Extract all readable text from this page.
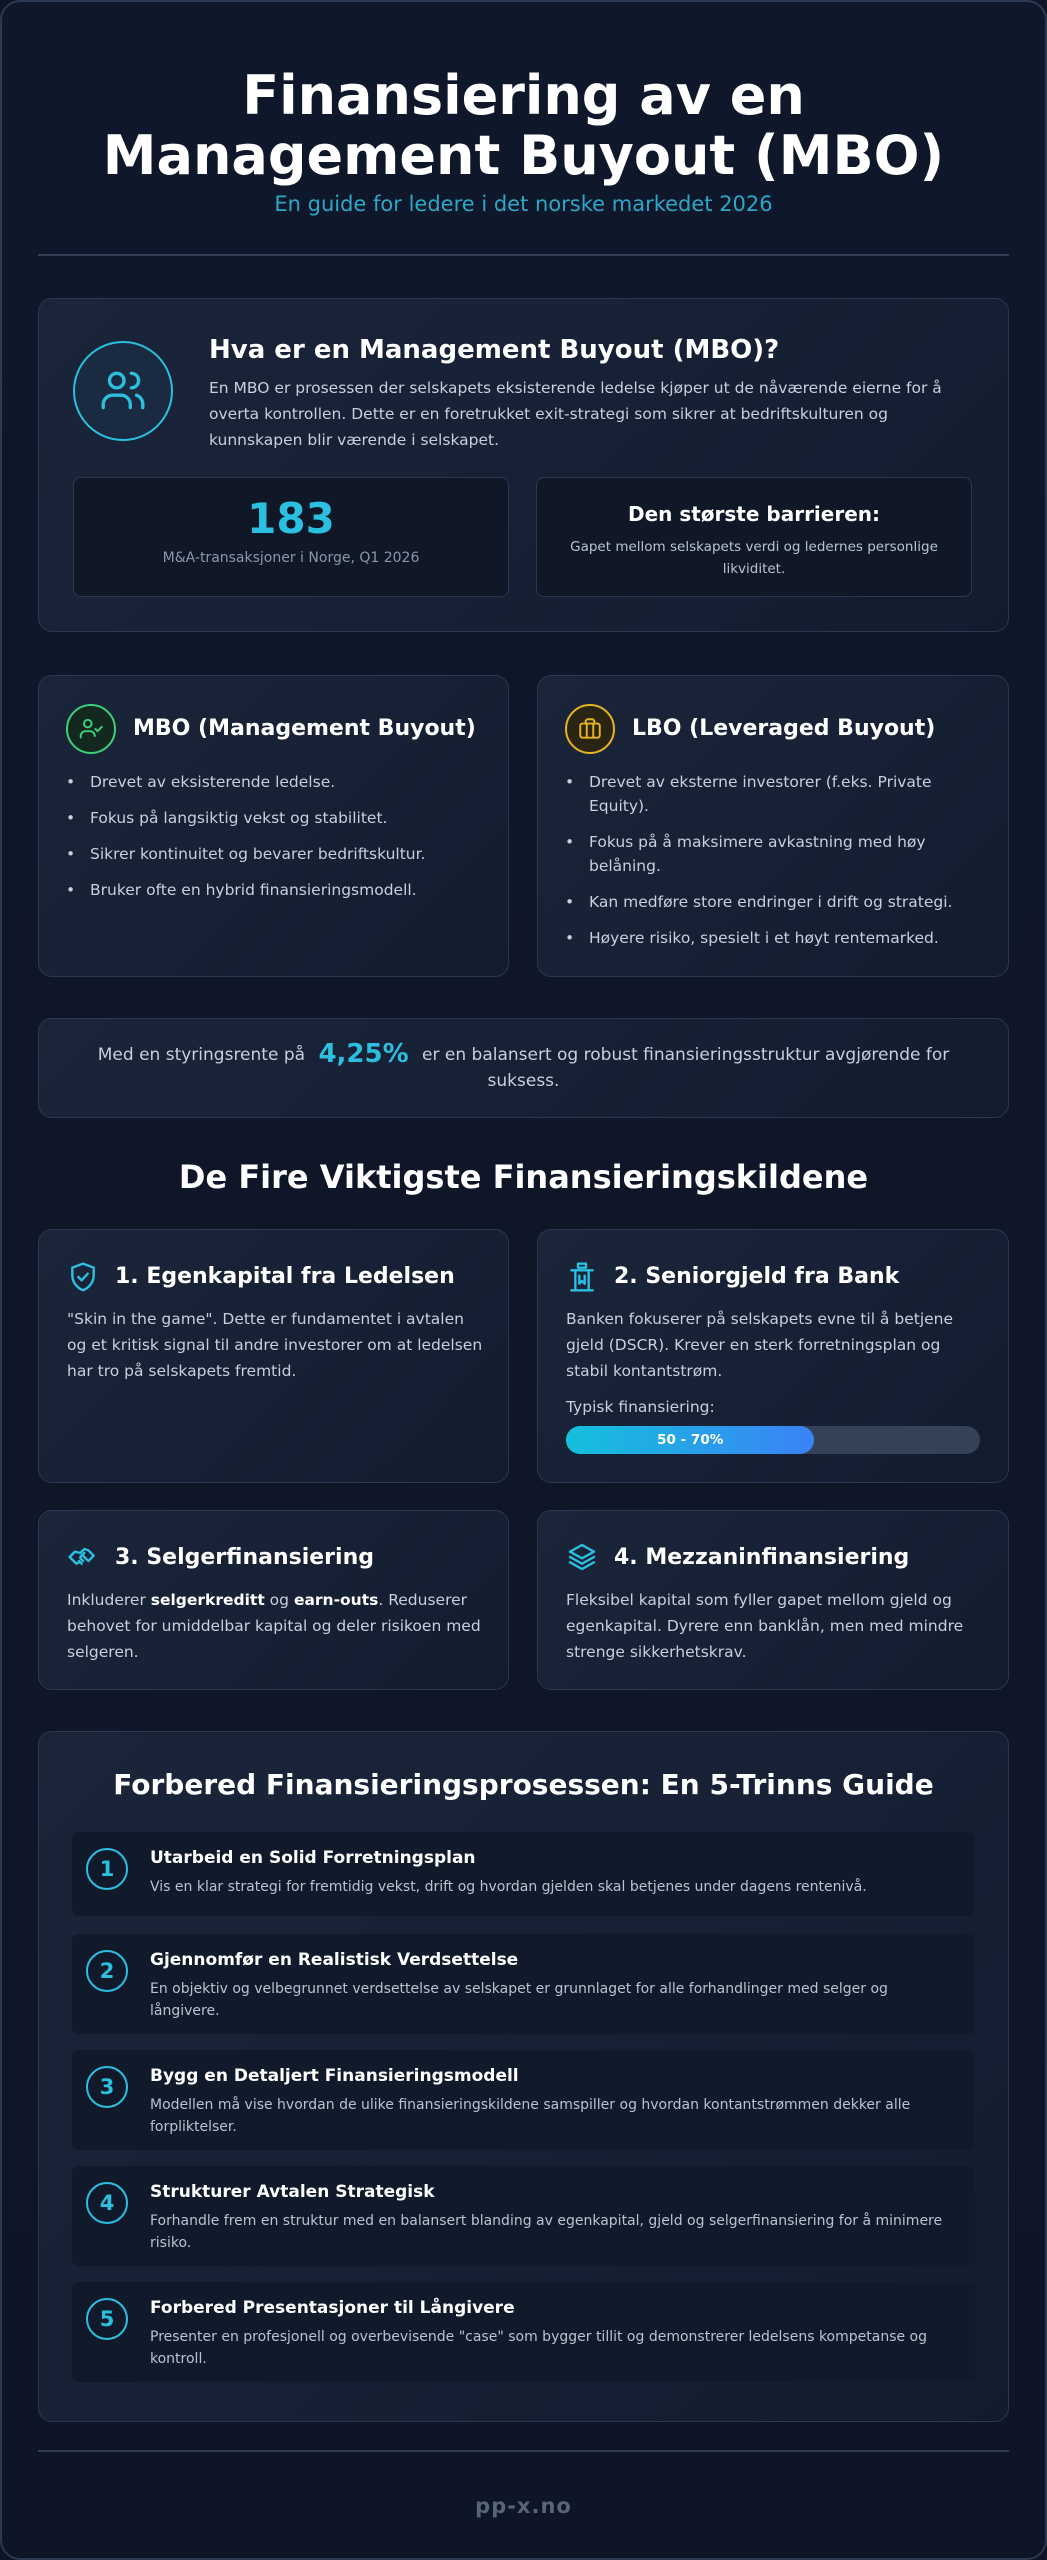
Finansiering av en Management Buyout (MBO)
En guide for ledere i det norske markedet 2026
Hva er en Management Buyout (MBO)?
En MBO er prosessen der selskapets eksisterende ledelse kjøper ut de nåværende eierne for å overta kontrollen. Dette er en foretrukket exit-strategi som sikrer at bedriftskulturen og kunnskapen blir værende i selskapet.
183
M&A-transaksjoner i Norge, Q1 2026
Den største barrieren:
Gapet mellom selskapets verdi og ledernes personlige likviditet.
MBO (Management Buyout)
• Drevet av eksisterende ledelse.
• Fokus på langsiktig vekst og stabilitet.
• Sikrer kontinuitet og bevarer bedriftskultur.
• Bruker ofte en hybrid finansieringsmodell.
LBO (Leveraged Buyout)
• Drevet av eksterne investorer (f.eks. Private Equity).
• Fokus på å maksimere avkastning med høy belåning.
• Kan medføre store endringer i drift og strategi.
• Høyere risiko, spesielt i et høyt rentemarked.
Med en styringsrente på 4,25% er en balansert og robust finansieringsstruktur avgjørende for suksess.
De Fire Viktigste Finansieringskildene
1. Egenkapital fra Ledelsen
"Skin in the game". Dette er fundamentet i avtalen og et kritisk signal til andre investorer om at ledelsen har tro på selskapets fremtid.
2. Seniorgjeld fra Bank
Banken fokuserer på selskapets evne til å betjene gjeld (DSCR). Krever en sterk forretningsplan og stabil kontantstrøm.
Typisk finansiering:
50 - 70%
3. Selgerfinansiering
Inkluderer selgerkreditt og earn-outs. Reduserer behovet for umiddelbar kapital og deler risikoen med selgeren.
4. Mezzaninfinansiering
Fleksibel kapital som fyller gapet mellom gjeld og egenkapital. Dyrere enn banklån, men med mindre strenge sikkerhetskrav.
Forbered Finansieringsprosessen: En 5-Trinns Guide
1	Utarbeid en Solid Forretningsplan
Vis en klar strategi for fremtidig vekst, drift og hvordan gjelden skal betjenes under dagens rentenivå.
2	Gjennomfør en Realistisk Verdsettelse
En objektiv og velbegrunnet verdsettelse av selskapet er grunnlaget for alle forhandlinger med selger og långivere.
3	Bygg en Detaljert Finansieringsmodell
Modellen må vise hvordan de ulike finansieringskildene samspiller og hvordan kontantstrømmen dekker alle forpliktelser.
4	Strukturer Avtalen Strategisk
Forhandle frem en struktur med en balansert blanding av egenkapital, gjeld og selgerfinansiering for å minimere risiko.
5	Forbered Presentasjoner til Långivere
Presenter en profesjonell og overbevisende "case" som bygger tillit og demonstrerer ledelsens kompetanse og kontroll.
pp-x.no
